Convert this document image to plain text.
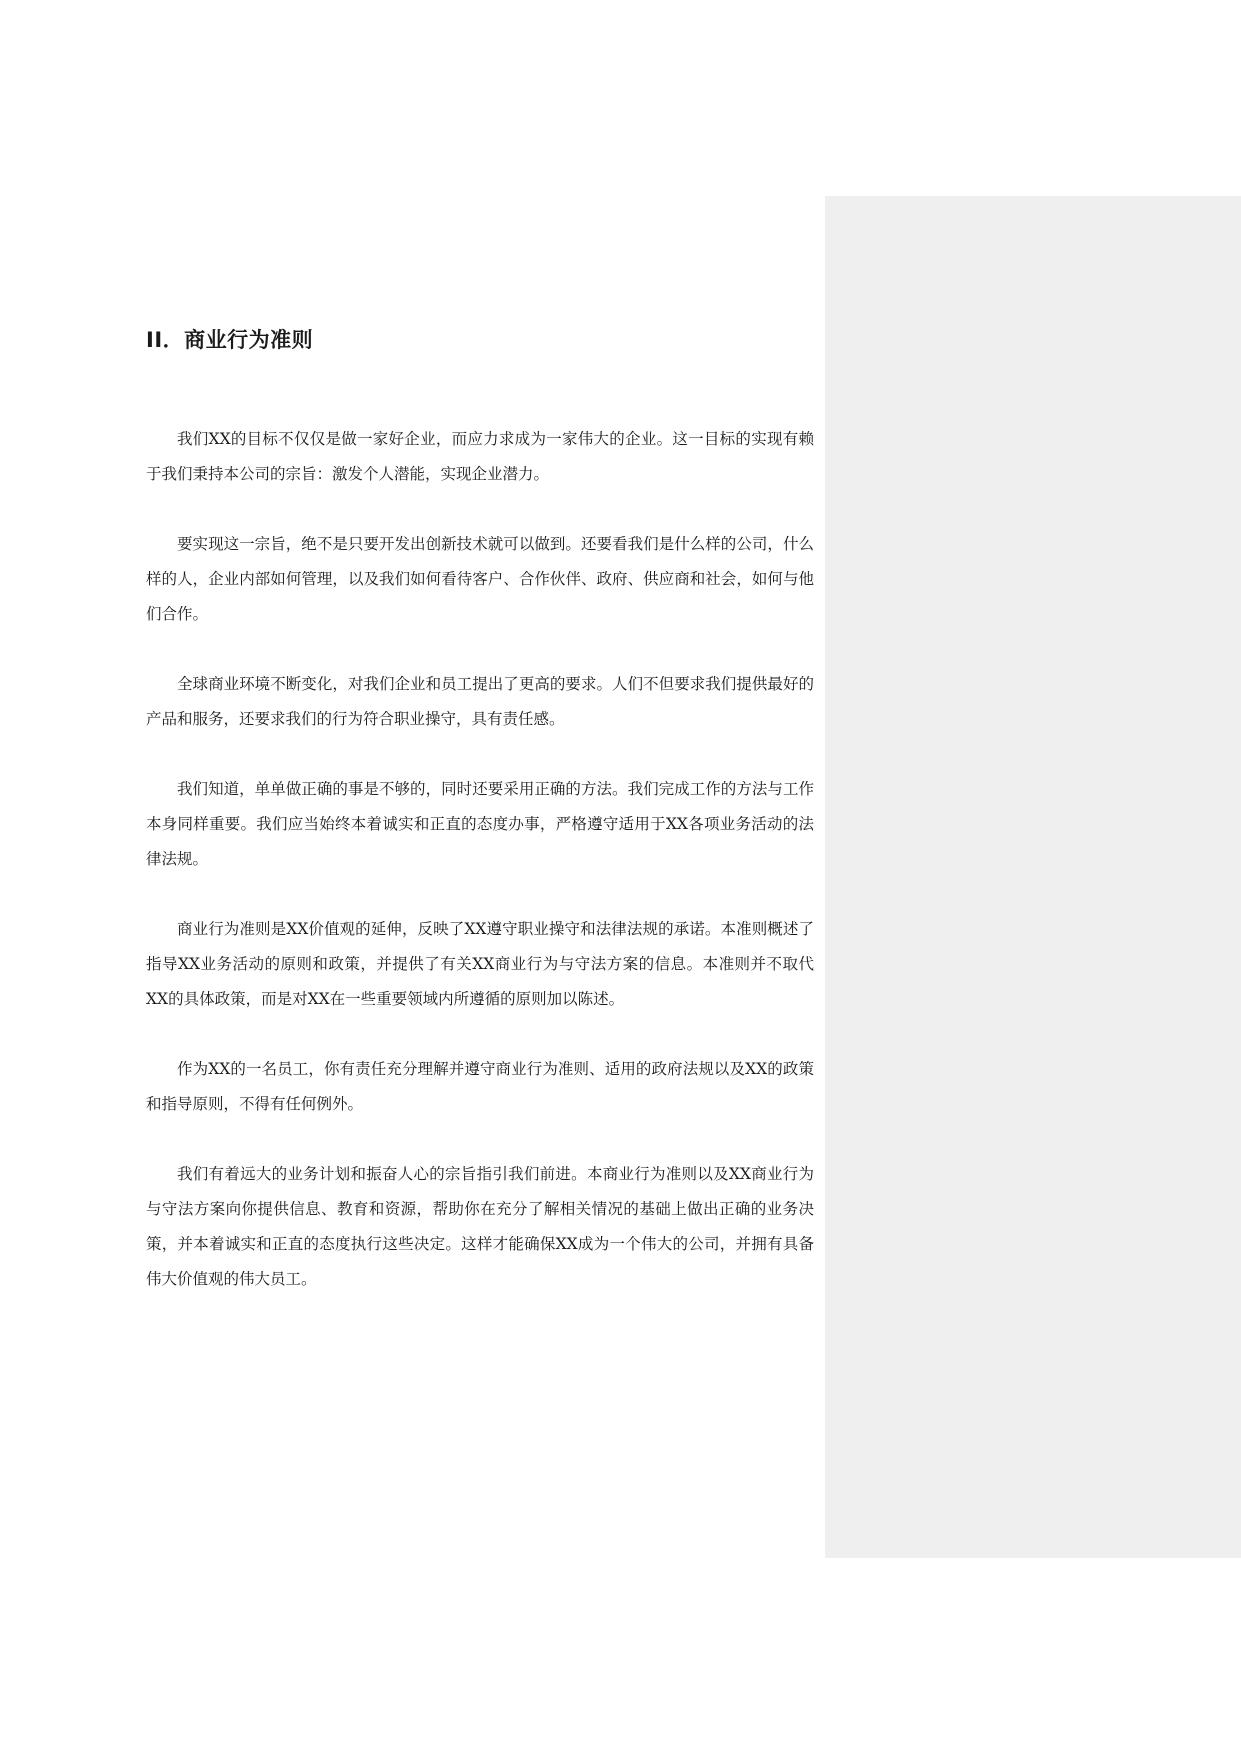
II．商业行为准则

我们XX的目标不仅仅是做一家好企业，而应力求成为一家伟大的企业。这一目标的实现有赖于我们秉持本公司的宗旨：激发个人潜能，实现企业潜力。

要实现这一宗旨，绝不是只要开发出创新技术就可以做到。还要看我们是什么样的公司，什么样的人，企业内部如何管理，以及我们如何看待客户、合作伙伴、政府、供应商和社会，如何与他们合作。

全球商业环境不断变化，对我们企业和员工提出了更高的要求。人们不但要求我们提供最好的产品和服务，还要求我们的行为符合职业操守，具有责任感。

我们知道，单单做正确的事是不够的，同时还要采用正确的方法。我们完成工作的方法与工作本身同样重要。我们应当始终本着诚实和正直的态度办事，严格遵守适用于XX各项业务活动的法律法规。

商业行为准则是XX价值观的延伸，反映了XX遵守职业操守和法律法规的承诺。本准则概述了指导XX业务活动的原则和政策，并提供了有关XX商业行为与守法方案的信息。本准则并不取代XX的具体政策，而是对XX在一些重要领域内所遵循的原则加以陈述。

作为XX的一名员工，你有责任充分理解并遵守商业行为准则、适用的政府法规以及XX的政策和指导原则，不得有任何例外。

我们有着远大的业务计划和振奋人心的宗旨指引我们前进。本商业行为准则以及XX商业行为与守法方案向你提供信息、教育和资源，帮助你在充分了解相关情况的基础上做出正确的业务决策，并本着诚实和正直的态度执行这些决定。这样才能确保XX成为一个伟大的公司，并拥有具备伟大价值观的伟大员工。
